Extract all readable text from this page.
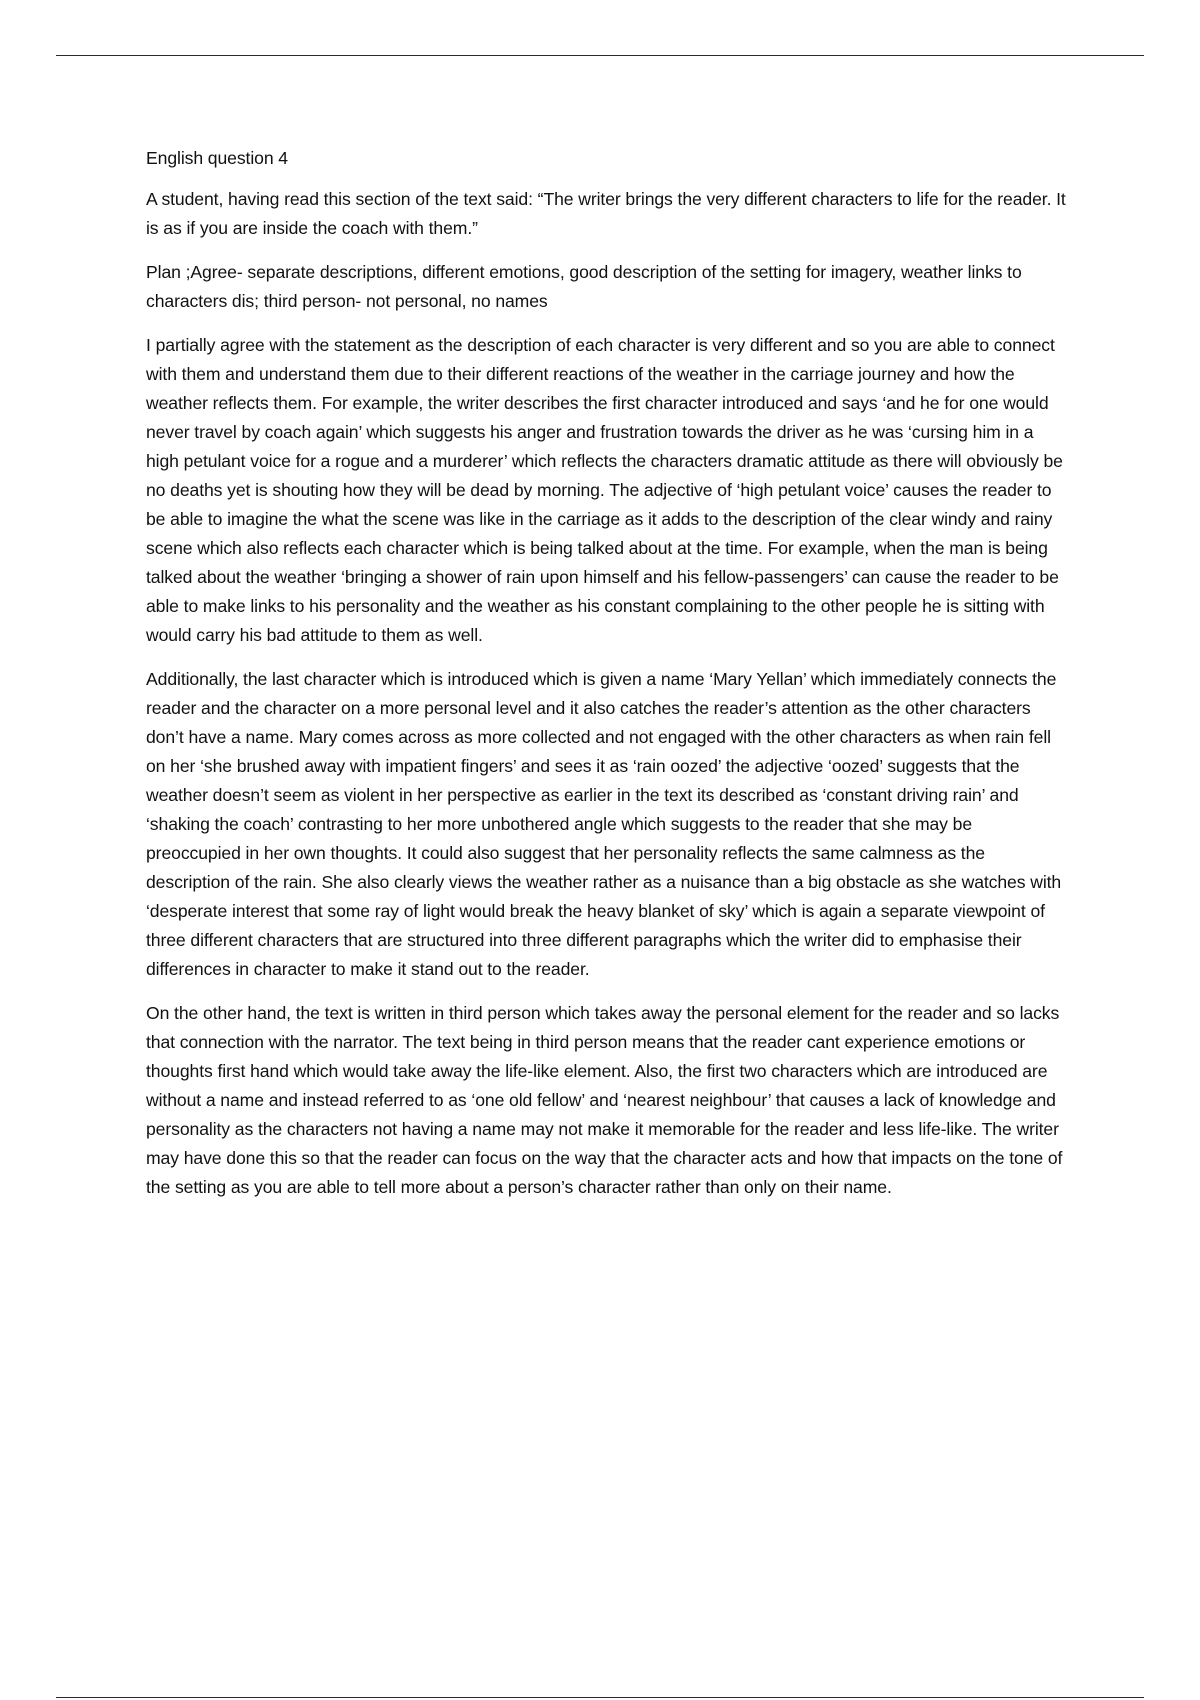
English question 4

A student, having read this section of the text said: “The writer brings the very different characters to life for the reader. It is as if you are inside the coach with them.”

Plan ;Agree- separate descriptions, different emotions, good description of the setting for imagery, weather links to characters dis; third person- not personal, no names

I partially agree with the statement as the description of each character is very different and so you are able to connect with them and understand them due to their different reactions of the weather in the carriage journey and how the weather reflects them. For example, the writer describes the first character introduced and says ‘and he for one would never travel by coach again’ which suggests his anger and frustration towards the driver as he was ‘cursing him in a high petulant voice for a rogue and a murderer’ which reflects the characters dramatic attitude as there will obviously be no deaths yet is shouting how they will be dead by morning. The adjective of ‘high petulant voice’ causes the reader to be able to imagine the what the scene was like in the carriage as it adds to the description of the clear windy and rainy scene which also reflects each character which is being talked about at the time. For example, when the man is being talked about the weather ‘bringing a shower of rain upon himself and his fellow-passengers’ can cause the reader to be able to make links to his personality and the weather as his constant complaining to the other people he is sitting with would carry his bad attitude to them as well.

Additionally, the last character which is introduced which is given a name ‘Mary Yellan’ which immediately connects the reader and the character on a more personal level and it also catches the reader’s attention as the other characters don’t have a name. Mary comes across as more collected and not engaged with the other characters as when rain fell on her ‘she brushed away with impatient fingers’ and sees it as ‘rain oozed’ the adjective ‘oozed’ suggests that the weather doesn’t seem as violent in her perspective as earlier in the text its described as ‘constant driving rain’ and ‘shaking the coach’ contrasting to her more unbothered angle which suggests to the reader that she may be preoccupied in her own thoughts. It could also suggest that her personality reflects the same calmness as the description of the rain. She also clearly views the weather rather as a nuisance than a big obstacle as she watches with ‘desperate interest that some ray of light would break the heavy blanket of sky’ which is again a separate viewpoint of three different characters that are structured into three different paragraphs which the writer did to emphasise their differences in character to make it stand out to the reader.

On the other hand, the text is written in third person which takes away the personal element for the reader and so lacks that connection with the narrator. The text being in third person means that the reader cant experience emotions or thoughts first hand which would take away the life-like element. Also, the first two characters which are introduced are without a name and instead referred to as ‘one old fellow’ and ‘nearest neighbour’ that causes a lack of knowledge and personality as the characters not having a name may not make it memorable for the reader and less life-like. The writer may have done this so that the reader can focus on the way that the character acts and how that impacts on the tone of the setting as you are able to tell more about a person’s character rather than only on their name.
